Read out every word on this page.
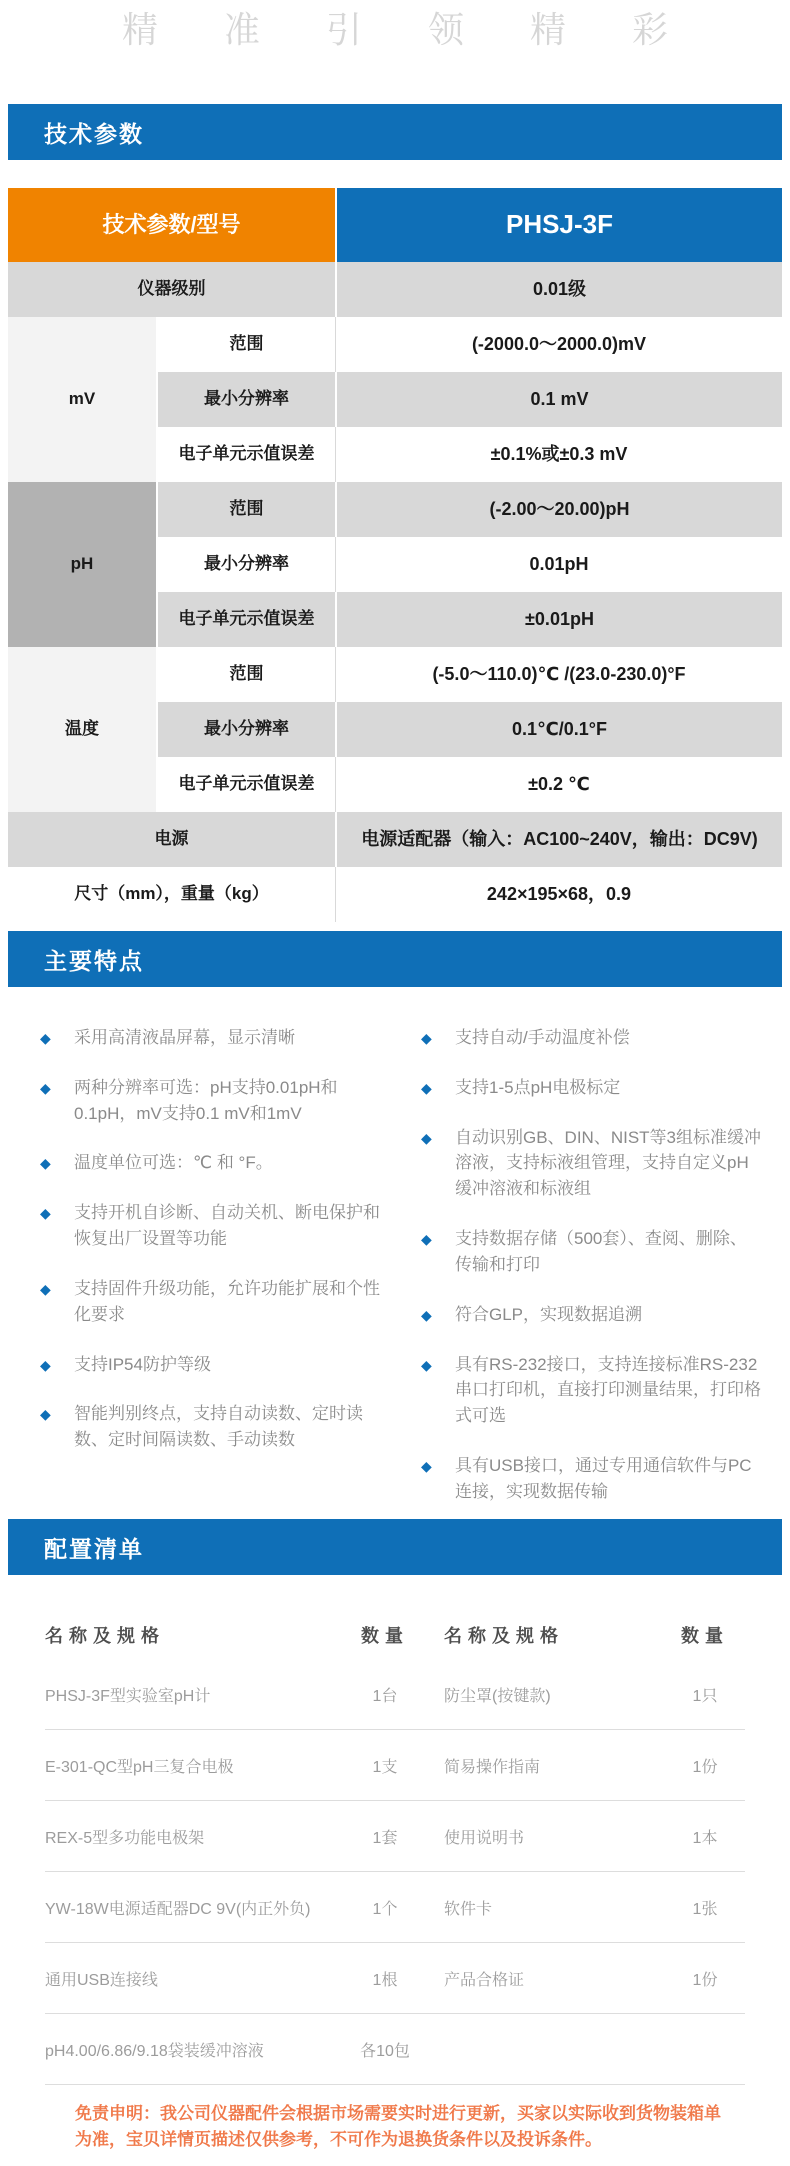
精准引领精彩
技术参数
技术参数/型号	PHSJ-3F
仪器级别	0.01级
mV
范围	(-2000.0～2000.0)mV
最小分辨率	0.1 mV
电子单元示值误差	±0.1%或±0.3 mV
pH
范围	(-2.00～20.00)pH
最小分辨率	0.01pH
电子单元示值误差	±0.01pH
温度
范围	(-5.0～110.0)℃ /(23.0-230.0)°F
最小分辨率	0.1℃/0.1°F
电子单元示值误差	±0.2 ℃
电源	电源适配器（输入：AC100~240V，输出：DC9V)
尺寸（mm），重量（kg）	242×195×68，0.9
主要特点
◆	采用高清液晶屏幕，显示清晰
◆	两种分辨率可选：pH支持0.01pH和0.1pH，mV支持0.1 mV和1mV
◆	温度单位可选：℃ 和 °F。
◆	支持开机自诊断、自动关机、断电保护和恢复出厂设置等功能
◆	支持固件升级功能，允许功能扩展和个性化要求
◆	支持IP54防护等级
◆	智能判别终点，支持自动读数、定时读数、定时间隔读数、手动读数
◆	支持自动/手动温度补偿
◆	支持1-5点pH电极标定
◆	自动识别GB、DIN、NIST等3组标准缓冲溶液，支持标液组管理，支持自定义pH缓冲溶液和标液组
◆	支持数据存储（500套）、查阅、删除、传输和打印
◆	符合GLP，实现数据追溯
◆	具有RS-232接口，支持连接标准RS-232串口打印机，直接打印测量结果，打印格式可选
◆	具有USB接口，通过专用通信软件与PC连接，实现数据传输
配置清单
名称及规格	数量	名称及规格	数量
PHSJ-3F型实验室pH计	1台	防尘罩(按键款)	1只
E-301-QC型pH三复合电极	1支	简易操作指南	1份
REX-5型多功能电极架	1套	使用说明书	1本
YW-18W电源适配器DC 9V(内正外负)	1个	软件卡	1张
通用USB连接线	1根	产品合格证	1份
pH4.00/6.86/9.18袋装缓冲溶液	各10包
免责申明：我公司仪器配件会根据市场需要实时进行更新，买家以实际收到货物装箱单为准，宝贝详情页描述仅供参考，不可作为退换货条件以及投诉条件。
